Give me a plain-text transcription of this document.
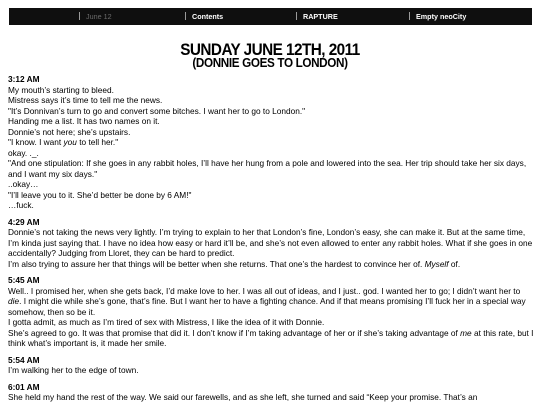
June 12	Contents	RAPTURE	Empty neoCity
SUNDAY JUNE 12TH, 2011
(DONNIE GOES TO LONDON)
3:12 AM
My mouth’s starting to bleed.
Mistress says it’s time to tell me the news.
"It’s Donnivan’s turn to go and convert some bitches. I want her to go to London."
Handing me a list. It has two names on it.
Donnie’s not here; she’s upstairs.
"I know. I want you to tell her."
okay. ._.
"And one stipulation: If she goes in any rabbit holes, I’ll have her hung from a pole and lowered into the sea. Her trip should take her six days, and I want my six days."
..okay…
"I’ll leave you to it. She’d better be done by 6 AM!"
…fuck.
4:29 AM
Donnie’s not taking the news very lightly. I’m trying to explain to her that London’s fine, London’s easy, she can make it. But at the same time, I’m kinda just saying that. I have no idea how easy or hard it’ll be, and she’s not even allowed to enter any rabbit holes. What if she goes in one accidentally? Judging from Lloret, they can be hard to predict.
I’m also trying to assure her that things will be better when she returns. That one’s the hardest to convince her of. Myself of.
5:45 AM
Well.. I promised her, when she gets back, I’d make love to her. I was all out of ideas, and I just.. god. I wanted her to go; I didn’t want her to die. I might die while she’s gone, that’s fine. But I want her to have a fighting chance. And if that means promising I’ll fuck her in a special way somehow, then so be it.
I gotta admit, as much as I’m tired of sex with Mistress, I like the idea of it with Donnie.
She’s agreed to go. It was that promise that did it. I don’t know if I’m taking advantage of her or if she’s taking advantage of me at this rate, but I think what’s important is, it made her smile.
5:54 AM
I’m walking her to the edge of town.
6:01 AM
She held my hand the rest of the way. We said our farewells, and as she left, she turned and said “Keep your promise. That’s an
